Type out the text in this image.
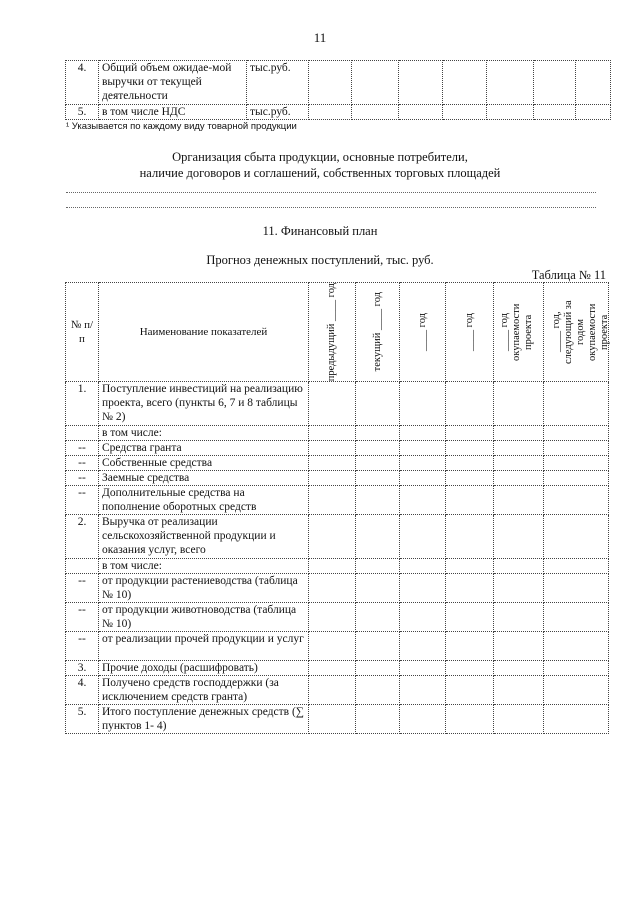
11
4.	Общий объем ожидае-мой выручки от текущей деятельности	тыс.руб.							
5.	в том числе НДС	тыс.руб.							
¹ Указывается по каждому виду товарной продукции
Организация сбыта продукции, основные потребители,
наличие договоров и соглашений, собственных торговых площадей
11. Финансовый план
Прогноз денежных поступлений, тыс. руб.
Таблица № 11
№ п/п	Наименование показателей	предыдущий ____ год	текущий ____ год	____ год	____ год	____ год окупаемости проекта	____ год, следующий за годом окупаемости проекта

1.	Поступление инвестиций на реализацию проекта, всего (пункты 6, 7 и 8 таблицы № 2)						
	в том числе:						
--	Средства гранта						
--	Собственные средства						
--	Заемные средства						
--	Дополнительные средства на пополнение оборотных средств						
2.	Выручка от реализации сельскохозяйственной продукции и оказания услуг, всего						
	в том числе:						
--	от продукции растениеводства (таблица № 10)						
--	от продукции животноводства (таблица № 10)						
--	от реализации прочей продукции и услуг						
3.	Прочие доходы (расшифровать)						
4.	Получено средств господдержки (за исключением средств гранта)						
5.	Итого поступление денежных средств (∑ пунктов 1- 4)						
